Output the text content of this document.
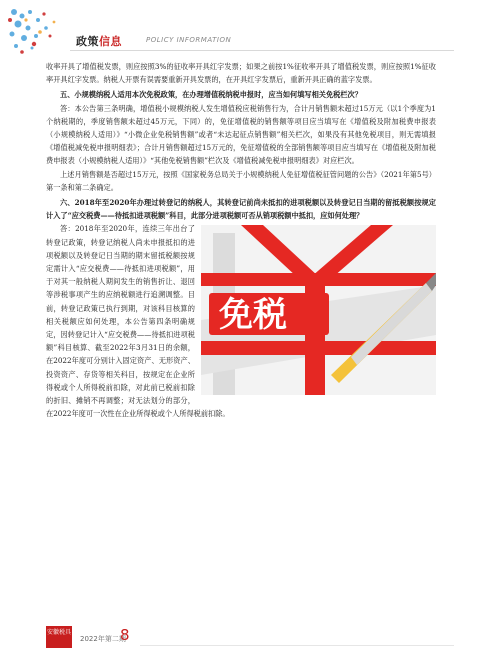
政策信息	POLICY INFORMATION

收率开具了增值税发票，则应按照3%的征收率开具红字发票；如果之前按1%征收率开具了增值税发票，则应按照1%征收率开具红字发票。纳税人开票有误需要重新开具发票的，在开具红字发票后，重新开具正确的蓝字发票。

五、小规模纳税人适用本次免税政策，在办理增值税纳税申报时，应当如何填写相关免税栏次？

答：本公告第三条明确，增值税小规模纳税人发生增值税应税销售行为，合计月销售额未超过15万元（以1个季度为1个纳税期的，季度销售额未超过45万元，下同）的，免征增值税的销售额等项目应当填写在《增值税及附加税费申报表（小规模纳税人适用）》“小微企业免税销售额”或者“未达起征点销售额”相关栏次，如果没有其他免税项目，则无需填报《增值税减免税申报明细表》；合计月销售额超过15万元的，免征增值税的全部销售额等项目应当填写在《增值税及附加税费申报表（小规模纳税人适用）》“其他免税销售额”栏次及《增值税减免税申报明细表》对应栏次。

上述月销售额是否超过15万元，按照《国家税务总局关于小规模纳税人免征增值税征管问题的公告》（2021年第5号）第一条和第二条确定。

六、2018年至2020年办理过转登记的纳税人，其转登记前尚未抵扣的进项税额以及转登记日当期的留抵税额按规定计入了“应交税费——待抵扣进项税额”科目，此部分进项税额可否从销项税额中抵扣，应如何处理？

免税

答：2018年至2020年，连续三年出台了转登记政策，转登记纳税人尚未申报抵扣的进项税额以及转登记日当期的期末留抵税额按规定需计入“应交税费——待抵扣进项税额”，用于对其一般纳税人期间发生的销售折让、退回等涉税事项产生的应纳税额进行追溯调整。目前，转登记政策已执行到期，对该科目核算的相关税额应如何处理，本公告第四条明确规定，因转登记计入“应交税费——待抵扣进项税额”科目核算、截至2022年3月31日的余额，在2022年度可分别计入固定资产、无形资产、投资资产、存货等相关科目，按规定在企业所得税或个人所得税前扣除，对此前已税前扣除的折旧、摊销不再调整；对无法划分的部分，在2022年度可一次性在企业所得税或个人所得税前扣除。

安徽税具
2022年第二期
8
